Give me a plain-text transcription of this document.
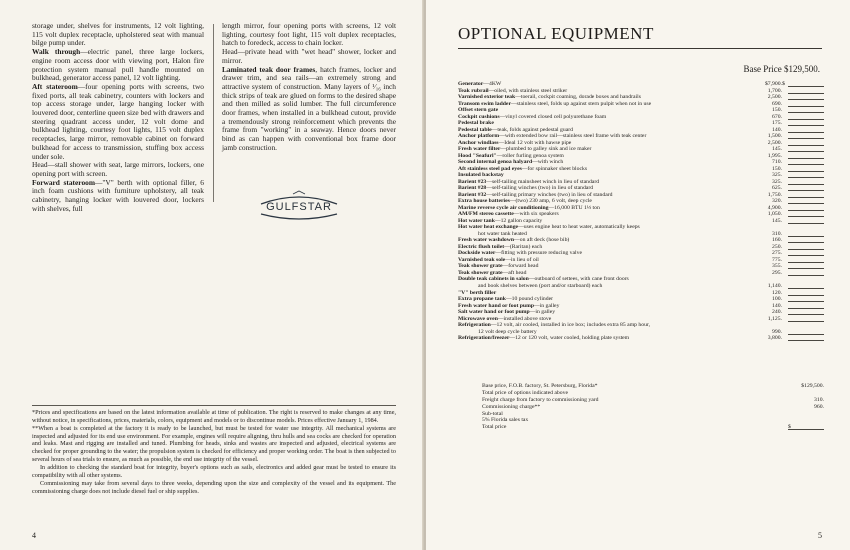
storage under, shelves for instruments, 12 volt lighting, 115 volt duplex receptacle, upholstered seat with manual bilge pump under.

Walk through—electric panel, three large lockers, engine room access door with viewing port, Halon fire protection system manual pull handle mounted on bulkhead, generator access panel, 12 volt lighting.

Aft stateroom—four opening ports with screens, two fixed ports, all teak cabinetry, counters with lockers and top access storage under, large hanging locker with louvered door, centerline queen size bed with drawers and steering quadrant access under, 12 volt dome and bulkhead lighting, courtesy foot lights, 115 volt duplex receptacles, large mirror, removable cabinet on forward bulkhead for access to transmission, stuffing box access under sole.

Head—stall shower with seat, large mirrors, lockers, one opening port with screen.

Forward stateroom—"V" berth with optional filler, 6 inch foam cushions with furniture upholstery, all teak cabinetry, hanging locker with louvered door, lockers with shelves, full

length mirror, four opening ports with screens, 12 volt lighting, courtesy foot light, 115 volt duplex receptacles, hatch to foredeck, access to chain locker.

Head—private head with "wet head" shower, locker and mirror.

Laminated teak door frames, hatch frames, locker and drawer trim, and sea rails—an extremely strong and attractive system of construction. Many layers of ¹⁄₁₆ inch thick strips of teak are glued on forms to the desired shape and then milled as solid lumber. The full circumference door frames, when installed in a bulkhead cutout, provide a tremendously strong reinforcement which prevents the frame from "working" in a seaway. Hence doors never bind as can happen with conventional box frame door jamb construction.

GULFSTAR

*Prices and specifications are based on the latest information available at time of publication. The right is reserved to make changes at any time, without notice, in specifications, prices, materials, colors, equipment and models or to discontinue models. Prices effective January 1, 1984.

**When a boat is completed at the factory it is ready to be launched, but must be tested for water use integrity. All mechanical systems are inspected and adjusted for its end use environment. For example, engines will require aligning, thru hulls and sea cocks are checked for operation and leaks. Mast and rigging are installed and tuned. Plumbing for heads, sinks and wastes are inspected and adjusted, electrical systems are checked for proper grounding to the water; the propulsion system is checked for efficiency and proper working order. The boat is then subjected to several hours of sea trials to ensure, as much as possible, the end use integrity of the vessel.

In addition to checking the standard boat for integrity, buyer's options such as sails, electronics and added gear must be tested to ensure its compatibility with all other systems.

Commissioning may take from several days to three weeks, depending upon the size and complexity of the vessel and its equipment. The commissioning charge does not include diesel fuel or ship supplies.

4
OPTIONAL EQUIPMENT
Base Price $129,500.
Generator—4KW	$7,900. $
Teak rubrail—oiled, with stainless steel striker	1,700.
Varnished exterior teak—toerail, cockpit coaming, dorade boxes and handrails	2,500.
Transom swim ladder—stainless steel, folds up against stern pulpit when not in use	690.
Offset stern gate	150.
Cockpit cushions—vinyl covered closed cell polyurethane foam	670.
Pedestal brake	175.
Pedestal table—teak, folds against pedestal guard	140.
Anchor platform—with extended bow rail—stainless steel frame with teak center	1,500.
Anchor windlass—Ideal 12 volt with hawse pipe	2,500.
Fresh water filter—plumbed to galley sink and ice maker	145.
Hood "Seafurl"—roller furling genoa system	1,995.
Second internal genoa halyard—with winch	710.
Aft stainless steel pad eyes—for spinnaker sheet blocks	150.
Insulated backstay	325.
Barient #23—self-tailing mainsheet winch in lieu of standard	325.
Barient #28—self-tailing winches (two) in lieu of standard	625.
Barient #32—self-tailing primary winches (two) in lieu of standard	1,750.
Extra house batteries—(two) 230 amp, 6 volt, deep cycle	320.
Marine reverse cycle air conditioning—16,000 BTU 1⅓ ton	4,900.
AM/FM stereo cassette—with six speakers	1,050.
Hot water tank—12 gallon capacity	145.
Hot water heat exchange—uses engine heat to heat water, automatically keeps
hot water tank heated	310.
Fresh water washdown—on aft deck (hose bib)	160.
Electric flush toilet—(Raritan) each	250.
Dockside water—fitting with pressure reducing valve	275.
Varnished teak sole—in lieu of oil	775.
Teak shower grate—forward head	355.
Teak shower grate—aft head	295.
Double teak cabinets in salon—outboard of settees, with cane front doors
and book shelves between (port and/or starboard) each	1,140.
"V" berth filler	120.
Extra propane tank—10 pound cylinder	100.
Fresh water hand or foot pump—in galley	140.
Salt water hand or foot pump—in galley	240.
Microwave oven—installed above stove	1,125.
Refrigeration—12 volt, air cooled, installed in ice box; includes extra 85 amp hour,
12 volt deep cycle battery	990.
Refrigeration/freezer—12 or 120 volt, water cooled, holding plate system	3,800.
Base price, F.O.B. factory, St. Petersburg, Florida*	$129,500.
Total price of options indicated above
Freight charge from factory to commissioning yard	310.
Commissioning charge**	960.
Sub-total
5% Florida sales tax
Total price	$
5
